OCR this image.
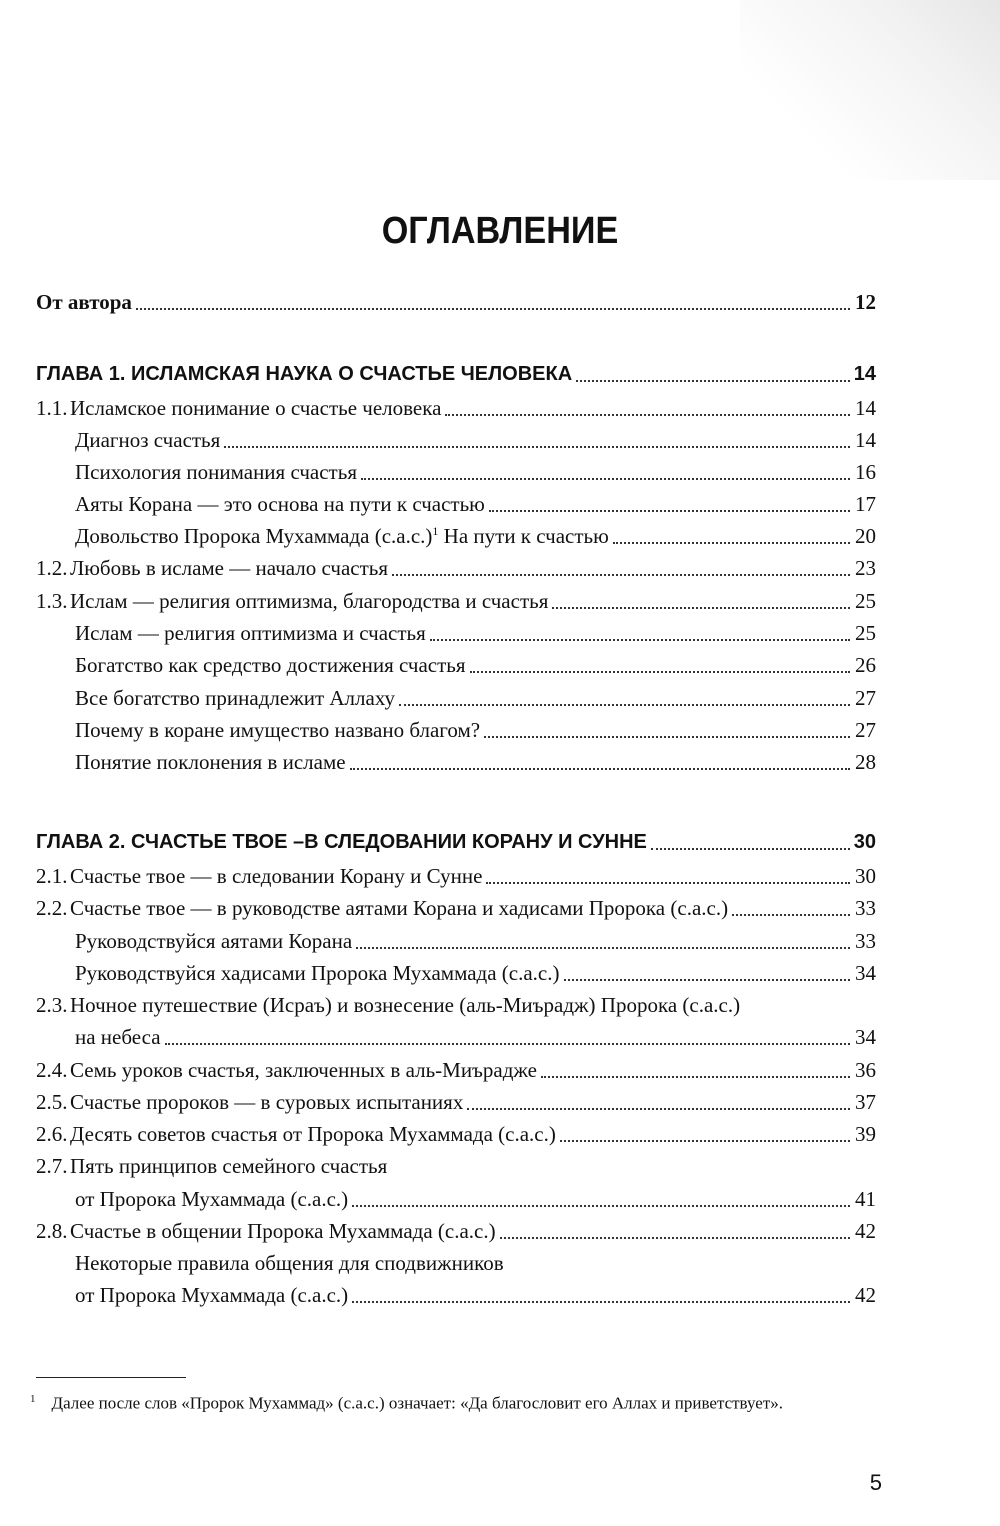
ОГЛАВЛЕНИЕ
От автора	12
ГЛАВА 1. ИСЛАМСКАЯ НАУКА О СЧАСТЬЕ ЧЕЛОВЕКА	14
1.1. Исламское понимание о счастье человека	14
Диагноз счастья	14
Психология понимания счастья	16
Аяты Корана — это основа на пути к счастью	17
Довольство Пророка Мухаммада (с.а.с.)$^1$ На пути к счастью	20
1.2. Любовь в исламе — начало счастья	23
1.3. Ислам — религия оптимизма, благородства и счастья	25
Ислам — религия оптимизма и счастья	25
Богатство как средство достижения счастья	26
Все богатство принадлежит Аллаху	27
Почему в коране имущество названо благом?	27
Понятие поклонения в исламе	28
ГЛАВА 2. СЧАСТЬЕ ТВОЕ –В СЛЕДОВАНИИ КОРАНУ И СУННЕ	30
2.1. Счастье твое — в следовании Корану и Сунне	30
2.2. Счастье твое — в руководстве аятами Корана и хадисами Пророка (с.а.с.)	33
Руководствуйся аятами Корана	33
Руководствуйся хадисами Пророка Мухаммада (с.а.с.)	34
2.3. Ночное путешествие (Исраъ) и вознесение (аль-Миърадж) Пророка (с.а.с.)
на небеса	34
2.4. Семь уроков счастья, заключенных в аль-Миърадже	36
2.5. Счастье пророков — в суровых испытаниях	37
2.6. Десять советов счастья от Пророка Мухаммада (с.а.с.)	39
2.7. Пять принципов семейного счастья
от Пророка Мухаммада (с.а.с.)	41
2.8. Счастье в общении Пророка Мухаммада (с.а.с.)	42
Некоторые правила общения для сподвижников
от Пророка Мухаммада (с.а.с.)	42
$^1$ Далее после слов «Пророк Мухаммад» (с.а.с.) означает: «Да благословит его Аллах и приветствует».
5
